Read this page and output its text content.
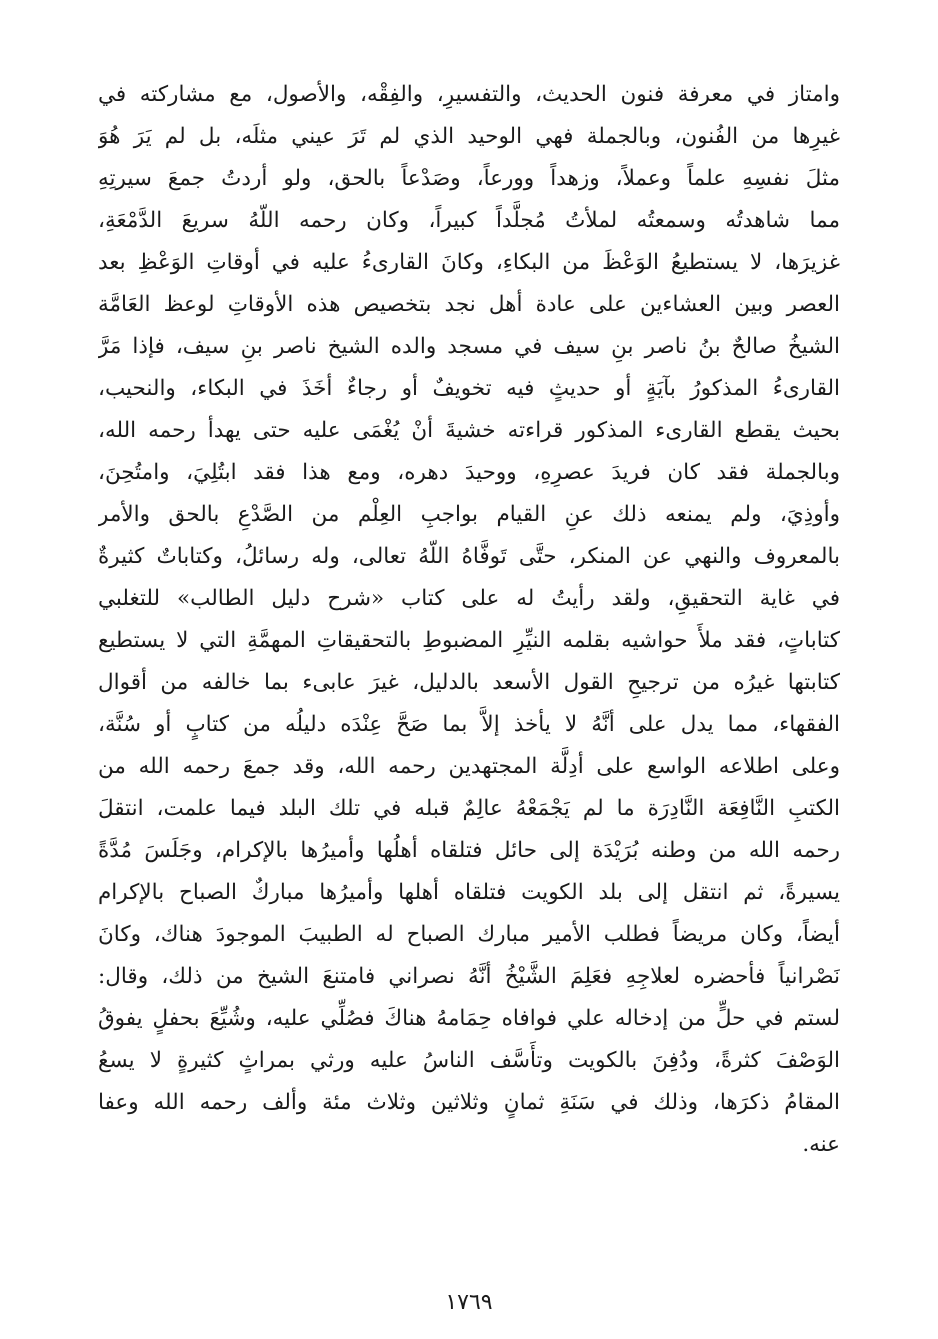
وامتاز في معرفة فنون الحديث، والتفسيرِ، والفِقْه، والأصول، مع مشاركته في
غيرِها من الفُنون، وبالجملة فهي الوحيد الذي لم تَرَ عيني مثلَه، بل لم يَرَ هُوَ
مثلَ نفسِهِ علماً وعملاً، وزهداً وورعاً، وصَدْعاً بالحق، ولو أردتُ جمعَ سيرتِهِ
مما شاهدتُه وسمعتُه لملأتُ مُجلَّداً كبيراً، وكان رحمه اللّهُ سريعَ الدَّمْعَةِ،
غزيرَها، لا يستطيعُ الوَعْظَ من البكاءِ، وكانَ القارىءُ عليه في أوقاتِ الوَعْظِ بعد
العصر وبين العشاءين على عادة أهل نجد بتخصيص هذه الأوقاتِ لوعظ العَامَّة
الشيخُ صالحٌ بنُ ناصر بنِ سيف في مسجد والده الشيخ ناصر بنِ سيف، فإذا مَرَّ
القارىءُ المذكورُ بآيَةٍ أو حديثٍ فيه تخويفٌ أو رجاءٌ أخَذَ في البكاء، والنحيب،
بحيث يقطع القارىء المذكور قراءته خشيةَ أنْ يُغْمَى عليه حتى يهدأ رحمه الله،
وبالجملة فقد كان فريدَ عصرِهِ، ووحيدَ دهره، ومع هذا فقد ابتُلِيَ، وامتُحِنَ،
وأوذِيَ، ولم يمنعه ذلك عنِ القيام بواجبِ العِلْم من الصَّدْعِ بالحق والأمر
بالمعروف والنهي عن المنكر، حتَّى تَوفَّاهُ اللّهُ تعالى، وله رسائلُ، وكتاباتٌ كثيرةٌ
في غاية التحقيقِ، ولقد رأيتُ له على كتاب «شرح دليل الطالب» للتغلبي
كتاباتٍ، فقد ملأَ حواشيه بقلمه النيِّرِ المضبوطِ بالتحقيقاتِ المهمَّةِ التي لا يستطيع
كتابتها غيرُه من ترجيحِ القول الأسعد بالدليل، غيرَ عابىء بما خالفه من أقوال
الفقهاء، مما يدل على أنَّهُ لا يأخذ إلاَّ بما صَحَّ عِنْدَه دليلُه من كتابٍ أو سُنَّة،
وعلى اطلاعه الواسع على أدِلَّة المجتهدين رحمه الله، وقد جمعَ رحمه الله من
الكتبِ النَّافِعَة النَّادِرَة ما لم يَجْمَعْهُ عالِمٌ قبله في تلك البلد فيما علمت، انتقلَ
رحمه الله من وطنه بُرَيْدَة إلى حائل فتلقاه أهلُها وأميرُها بالإكرام، وجَلَسَ مُدَّةً
يسيرةً، ثم انتقل إلى بلد الكويت فتلقاه أهلها وأميرُها مباركٌ الصباح بالإكرام
أيضاً، وكان مريضاً فطلب الأمير مبارك الصباح له الطبيبَ الموجودَ هناك، وكانَ
نَصْرانياً فأحضره لعلاجِهِ فعَلِمَ الشَّيْخُ أنَّهُ نصراني فامتنعَ الشيخ من ذلك، وقال:
لستم في حلٍّ من إدخاله علي فوافاه حِمَامهُ هناكَ فصُلِّي عليه، وشُيِّعَ بحفلٍ يفوقُ
الوَصْفَ كثرةً، ودُفِنَ بالكويت وتأَسَّف الناسُ عليه ورثي بمراثٍ كثيرةٍ لا يسعُ
المقامُ ذكرَها، وذلك في سَنَةِ ثمانٍ وثلاثين وثلاث مئة وألف رحمه الله وعفا
عنه.
١٧٦٩
